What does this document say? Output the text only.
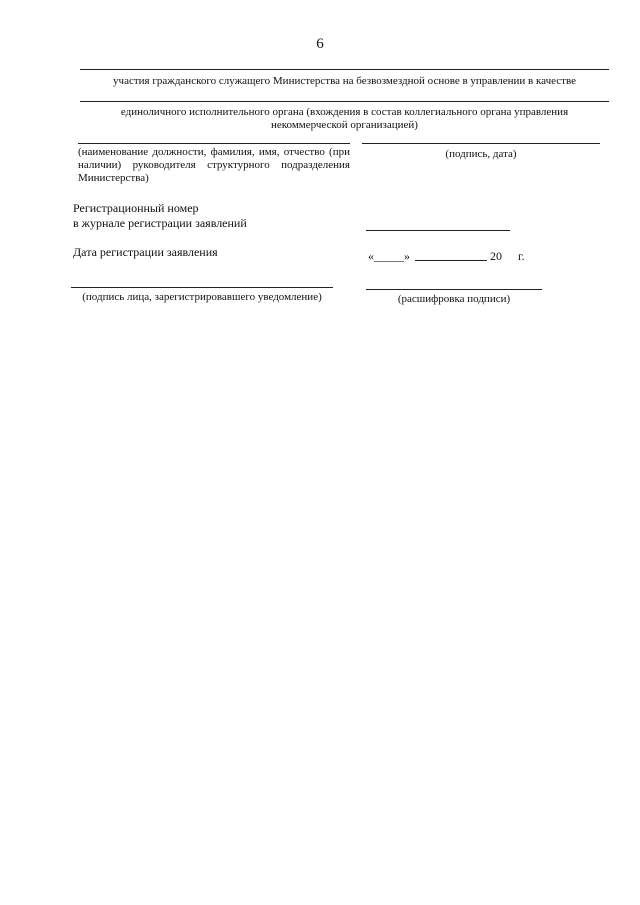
6
участия гражданского служащего Министерства на безвозмездной основе в управлении в качестве
единоличного исполнительного органа (вхождения в состав коллегиального органа управления
некоммерческой организацией)
(наименование должности, фамилия, имя, отчество (при наличии) руководителя структурного подразделения Министерства)
(подпись, дата)
Регистрационный номер
в журнале регистрации заявлений
Дата регистрации заявления	«_____»	20 г.
(подпись лица, зарегистрировавшего уведомление)	(расшифровка подписи)
